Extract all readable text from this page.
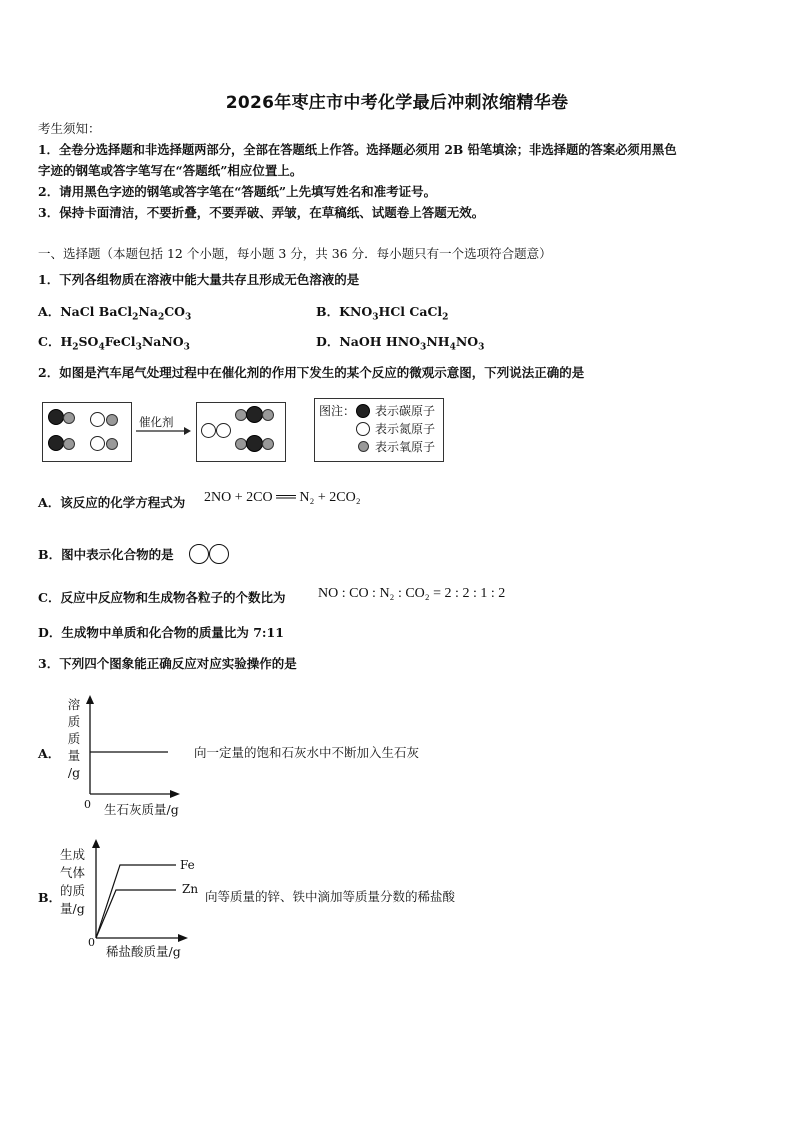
2026年枣庄市中考化学最后冲刺浓缩精华卷
考生须知：
1．全卷分选择题和非选择题两部分，全部在答题纸上作答。选择题必须用 2B 铅笔填涂；非选择题的答案必须用黑色
字迹的钢笔或答字笔写在“答题纸”相应位置上。
2．请用黑色字迹的钢笔或答字笔在“答题纸”上先填写姓名和准考证号。
3．保持卡面清洁，不要折叠，不要弄破、弄皱，在草稿纸、试题卷上答题无效。
一、选择题（本题包括 12 个小题，每小题 3 分，共 36 分．每小题只有一个选项符合题意）
1．下列各组物质在溶液中能大量共存且形成无色溶液的是
A．NaCl $BaCl_2Na_2CO_3$	B．$KNO_3HCl$ CaCl$_2$
C．$H_2SO_4FeCl_3NaNO_3$	D．NaOH $HNO_3NH_4NO_3$
2．如图是汽车尾气处理过程中在催化剂的作用下发生的某个反应的微观示意图，下列说法正确的是
催化剂
图注： 表示碳原子
表示氮原子
表示氧原子
A．该反应的化学方程式为 2NO + 2CO ══ N₂ + 2CO₂
B．图中表示化合物的是
C．反应中反应物和生成物各粒子的个数比为 NO : CO : N₂ : CO₂ = 2 : 2 : 1 : 2
D．生成物中单质和化合物的质量比为 7:11
3．下列四个图象能正确反应对应实验操作的是
A．
溶
质
质
量
/g
0 生石灰质量/g
向一定量的饱和石灰水中不断加入生石灰
B．
生成
气体
的质
量/g
Fe
Zn
0
稀盐酸质量/g
向等质量的锌、铁中滴加等质量分数的稀盐酸
